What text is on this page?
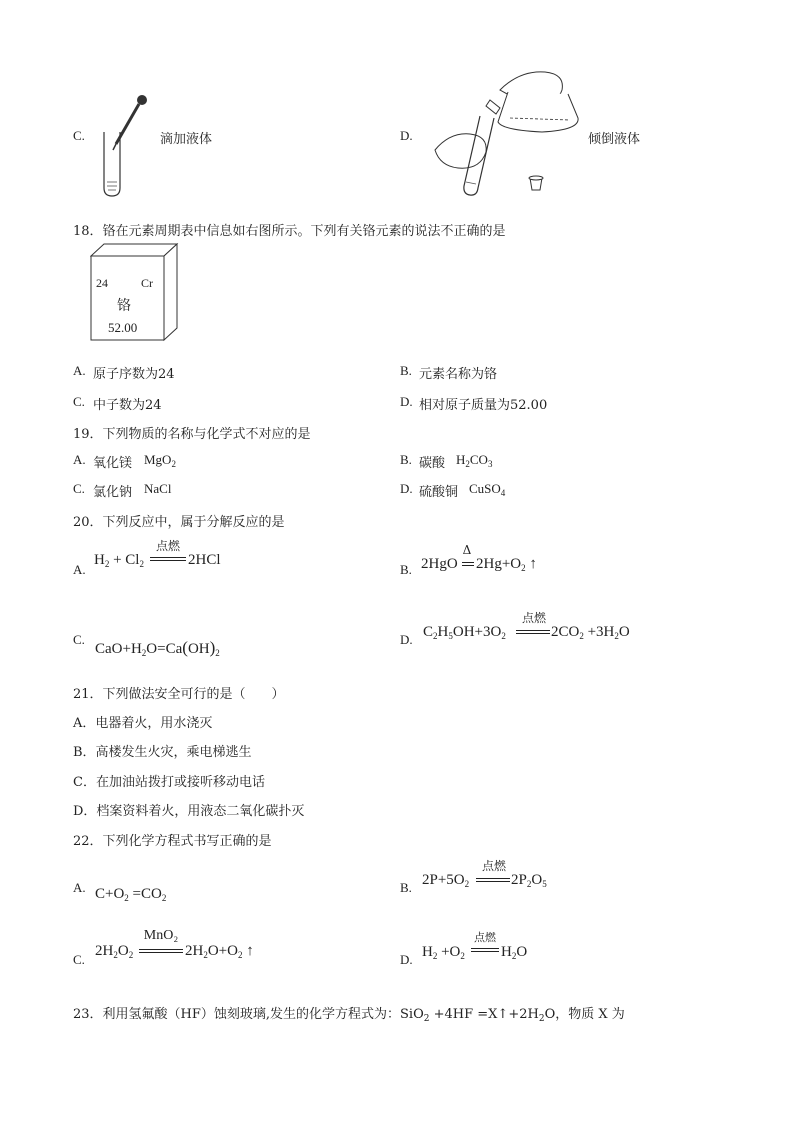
C.	滴加液体	D.	倾倒液体
18．铬在元素周期表中信息如右图所示。下列有关铬元素的说法不正确的是
24	Cr
铬
52.00
A. 原子序数为24	B. 元素名称为铬
C. 中子数为24	D. 相对原子质量为52.00
19．下列物质的名称与化学式不对应的是
A. 氧化镁 MgO$_2$	B. 碳酸 $H_2CO_3$
C. 氯化钠 NaCl	D. 硫酸铜 CuSO$_4$
20．下列反应中，属于分解反应的是
A.
$H_2 + Cl_2$
点燃
2HCl
B. 2HgO
Δ
$2Hg+O_2$ ↑
C.
$CaO+H_2O=Ca(OH)_2$
D. $C_2H_5OH+3O_2$
点燃
$2CO_2 +3H_2O$
21．下列做法安全可行的是（　　）
A．电器着火，用水浇灭
B．高楼发生火灾，乘电梯逃生
C．在加油站拨打或接听移动电话
D．档案资料着火，用液态二氧化碳扑灭
22．下列化学方程式书写正确的是
A. $C+O_2 =CO_2$
B. $2P+5O_2$
点燃
$2P_2O_5$
C.
$2H_2O_2$
MnO₂
$2H_2O+O_2$ ↑
D. $H_2 +O_2$
点燃
$H_2O$
23．利用氢氟酸（HF）蚀刻玻璃,发生的化学方程式为：$SiO_2 +4HF =X↑+2H_2O$，物质 X 为
